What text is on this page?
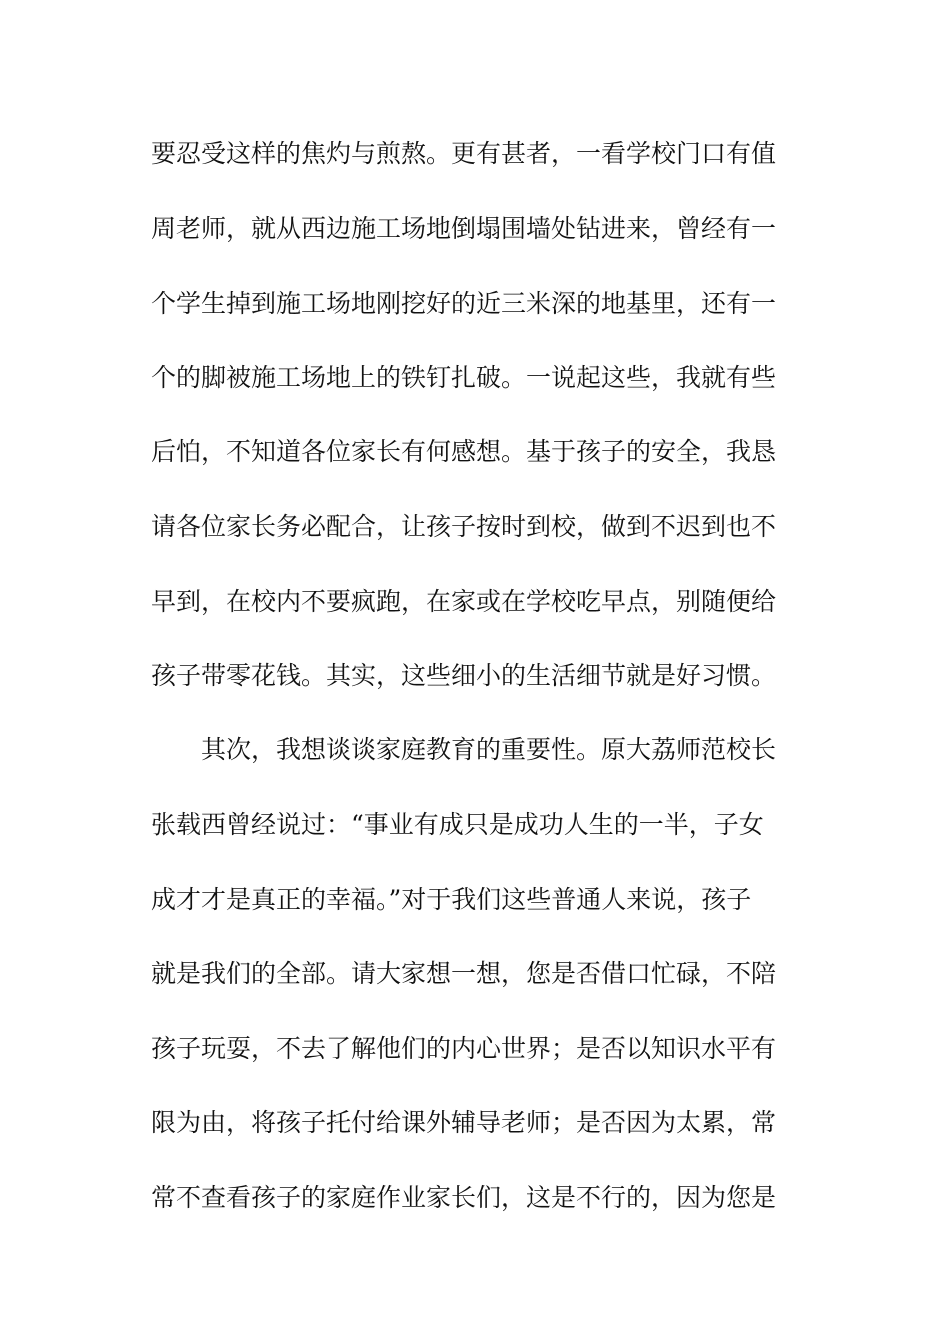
要忍受这样的焦灼与煎熬。更有甚者，一看学校门口有值
周老师，就从西边施工场地倒塌围墙处钻进来，曾经有一
个学生掉到施工场地刚挖好的近三米深的地基里，还有一
个的脚被施工场地上的铁钉扎破。一说起这些，我就有些
后怕，不知道各位家长有何感想。基于孩子的安全，我恳
请各位家长务必配合，让孩子按时到校，做到不迟到也不
早到，在校内不要疯跑，在家或在学校吃早点，别随便给
孩子带零花钱。其实，这些细小的生活细节就是好习惯。
其次，我想谈谈家庭教育的重要性。原大荔师范校长
张载西曾经说过：“事业有成只是成功人生的一半，子女
成才才是真正的幸福。”对于我们这些普通人来说，孩子
就是我们的全部。请大家想一想，您是否借口忙碌，不陪
孩子玩耍，不去了解他们的内心世界；是否以知识水平有
限为由，将孩子托付给课外辅导老师；是否因为太累，常
常不查看孩子的家庭作业家长们，这是不行的，因为您是
